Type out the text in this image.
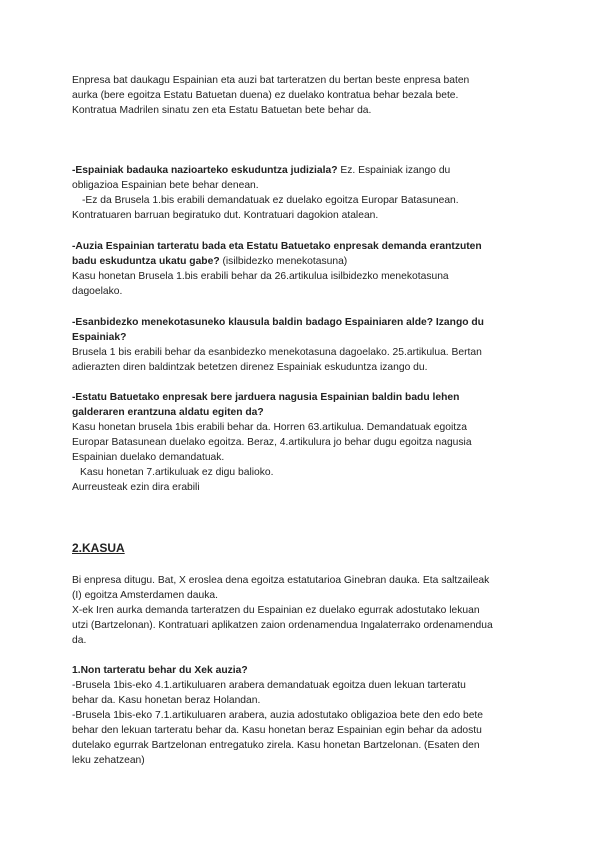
Enpresa bat daukagu Espainian eta auzi bat tarteratzen du bertan beste enpresa baten
aurka (bere egoitza Estatu Batuetan duena) ez duelako kontratua behar bezala bete.
Kontratua Madrilen sinatu zen eta Estatu Batuetan bete behar da.
-Espainiak badauka nazioarteko eskuduntza judiziala? Ez. Espainiak izango du
obligazioa Espainian bete behar denean.
-Ez da Brusela 1.bis erabili demandatuak ez duelako egoitza Europar Batasunean.
Kontratuaren barruan begiratuko dut. Kontratuari dagokion atalean.
-Auzia Espainian tarteratu bada eta Estatu Batuetako enpresak demanda erantzuten
badu eskuduntza ukatu gabe? (isilbidezko menekotasuna)
Kasu honetan Brusela 1.bis erabili behar da 26.artikulua isilbidezko menekotasuna
dagoelako.
-Esanbidezko menekotasuneko klausula baldin badago Espainiaren alde? Izango du
Espainiak?
Brusela 1 bis erabili behar da esanbidezko menekotasuna dagoelako. 25.artikulua. Bertan
adierazten diren baldintzak betetzen direnez Espainiak eskuduntza izango du.
-Estatu Batuetako enpresak bere jarduera nagusia Espainian baldin badu lehen
galderaren erantzuna aldatu egiten da?
Kasu honetan brusela 1bis erabili behar da. Horren 63.artikulua. Demandatuak egoitza
Europar Batasunean duelako egoitza. Beraz, 4.artikulura jo behar dugu egoitza nagusia
Espainian duelako demandatuak.
Kasu honetan 7.artikuluak ez digu balioko.
Aurreusteak ezin dira erabili
2.KASUA
Bi enpresa ditugu. Bat, X eroslea dena egoitza estatutarioa Ginebran dauka. Eta saltzaileak
(I) egoitza Amsterdamen dauka.
X-ek Iren aurka demanda tarteratzen du Espainian ez duelako egurrak adostutako lekuan
utzi (Bartzelonan). Kontratuari aplikatzen zaion ordenamendua Ingalaterrako ordenamendua
da.
1.Non tarteratu behar du Xek auzia?
-Brusela 1bis-eko 4.1.artikuluaren arabera demandatuak egoitza duen lekuan tarteratu
behar da. Kasu honetan beraz Holandan.
-Brusela 1bis-eko 7.1.artikuluaren arabera, auzia adostutako obligazioa bete den edo bete
behar den lekuan tarteratu behar da. Kasu honetan beraz Espainian egin behar da adostu
dutelako egurrak Bartzelonan entregatuko zirela. Kasu honetan Bartzelonan. (Esaten den
leku zehatzean)
